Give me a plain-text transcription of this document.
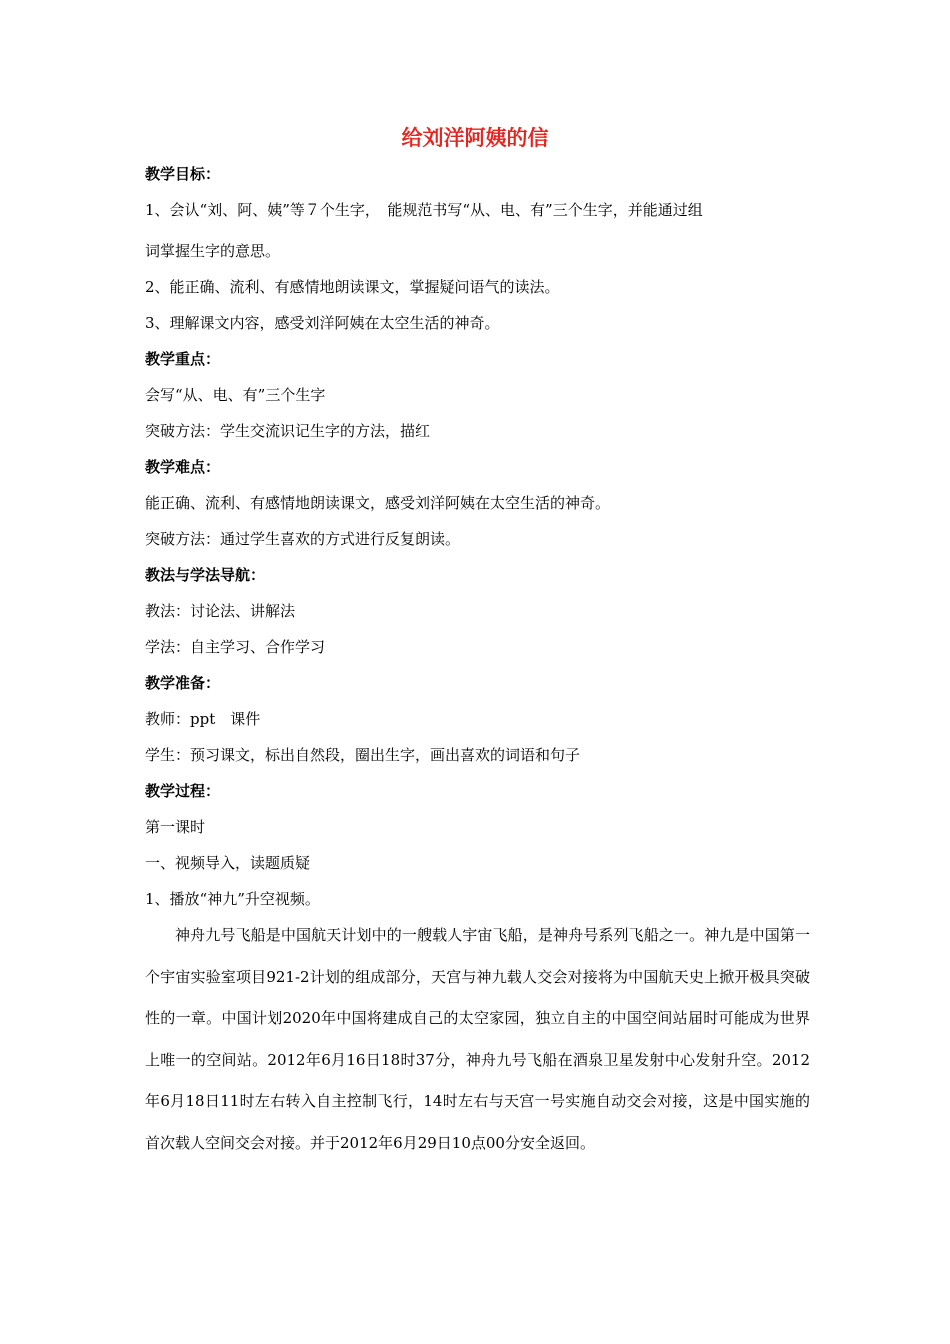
给刘洋阿姨的信
教学目标：
1、会认“刘、阿、姨”等７个生字，　能规范书写“从、电、有”三个生字，并能通过组
词掌握生字的意思。
2、能正确、流利、有感情地朗读课文，掌握疑问语气的读法。
3、理解课文内容，感受刘洋阿姨在太空生活的神奇。
教学重点：
会写“从、电、有”三个生字
突破方法：学生交流识记生字的方法，描红
教学难点：
能正确、流利、有感情地朗读课文，感受刘洋阿姨在太空生活的神奇。
突破方法：通过学生喜欢的方式进行反复朗读。
教法与学法导航：
教法：讨论法、讲解法
学法：自主学习、合作学习
教学准备：
教师：ppt　课件
学生：预习课文，标出自然段，圈出生字，画出喜欢的词语和句子
教学过程：
第一课时
一、视频导入，读题质疑
1、播放“神九”升空视频。
神舟九号飞船是中国航天计划中的一艘载人宇宙飞船，是神舟号系列飞船之一。神九是中国第一个宇宙实验室项目921-2计划的组成部分，天宫与神九载人交会对接将为中国航天史上掀开极具突破性的一章。中国计划2020年中国将建成自己的太空家园，独立自主的中国空间站届时可能成为世界上唯一的空间站。2012年6月16日18时37分，神舟九号飞船在酒泉卫星发射中心发射升空。2012年6月18日11时左右转入自主控制飞行，14时左右与天宫一号实施自动交会对接，这是中国实施的首次载人空间交会对接。并于2012年6月29日10点00分安全返回。
